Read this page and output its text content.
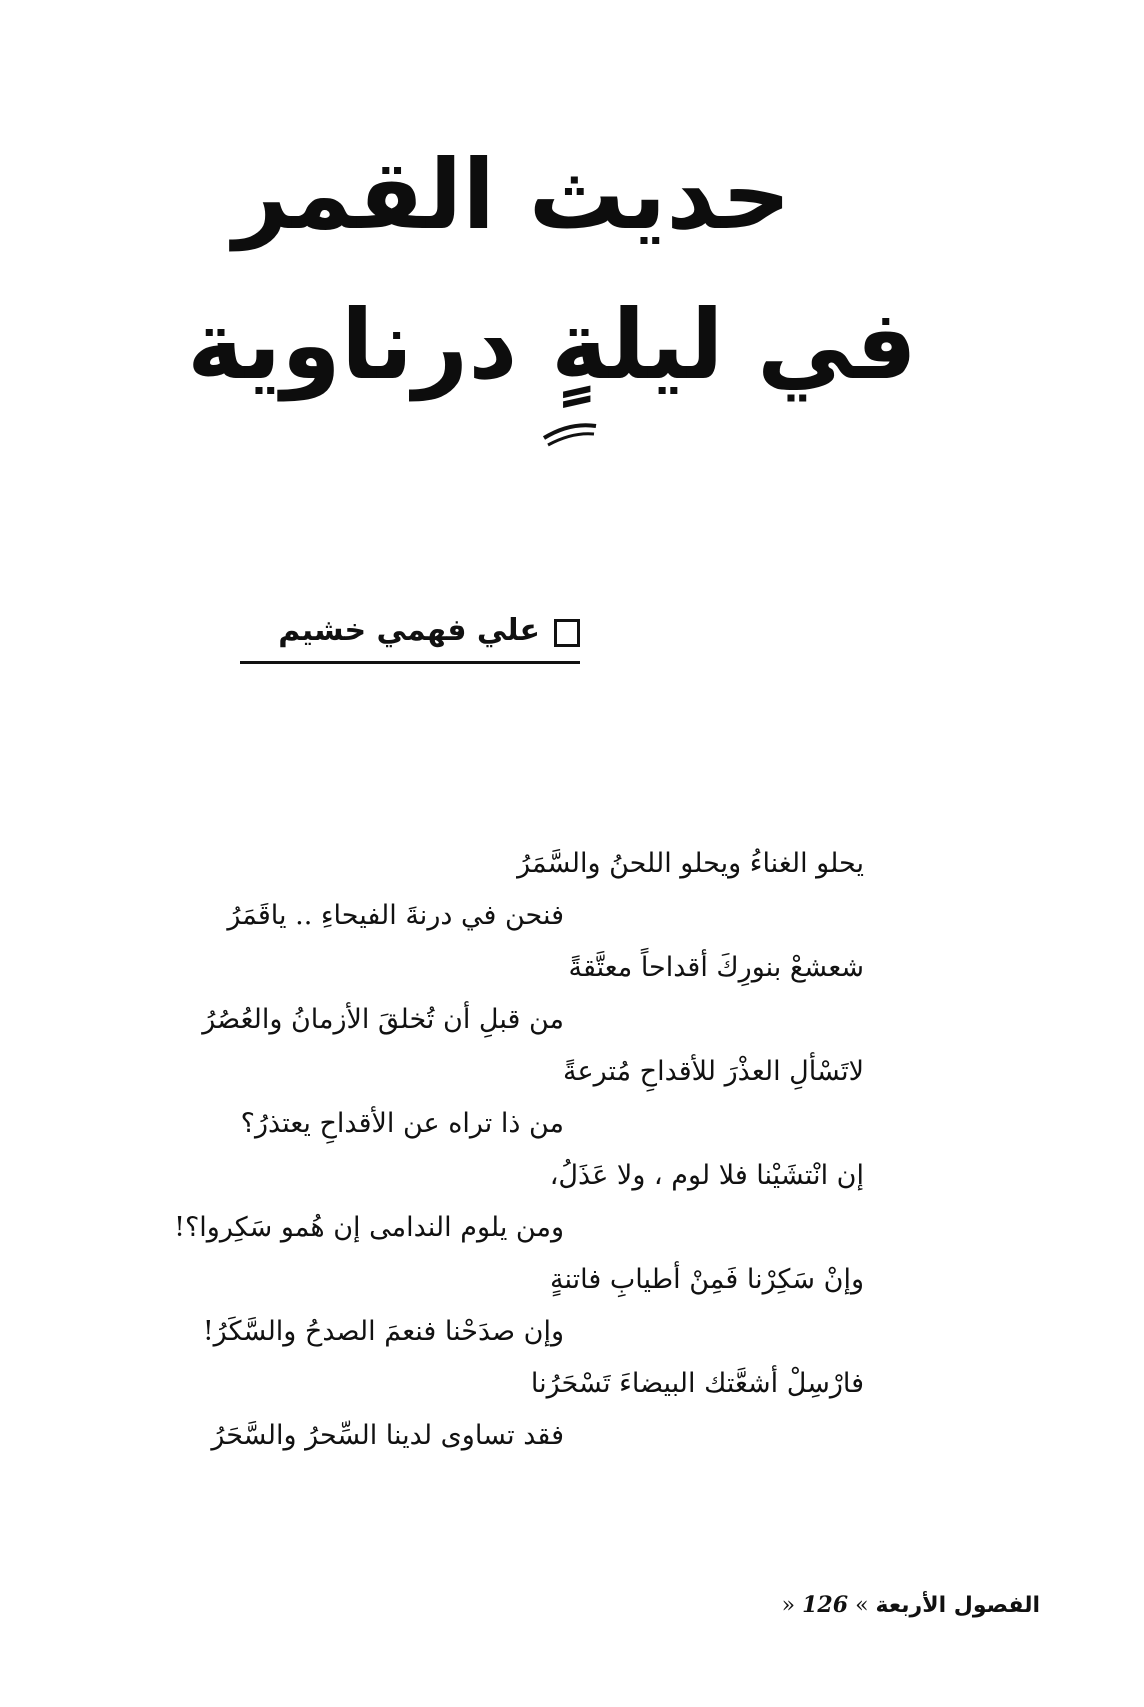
حديث القمر
في ليلةٍ درناوية
علي فهمي خشيم
يحلو الغناءُ ويحلو اللحنُ والسَّمَرُ
فنحن في درنةَ الفيحاءِ .. ياقَمَرُ
شعشعْ بنورِكَ أقداحاً معتَّقةً
من قبلِ أن تُخلقَ الأزمانُ والعُصُرُ
لاتَسْألِ العذْرَ للأقداحِ مُترعةً
من ذا تراه عن الأقداحِ يعتذرُ؟
إن انْتشَيْنا فلا لوم ، ولا عَذَلُ،
ومن يلوم الندامى إن هُمو سَكِروا؟!
وإنْ سَكِرْنا فَمِنْ أطيابِ فاتنةٍ
وإن صدَحْنا فنعمَ الصدحُ والسَّكَرُ!
فارْسِلْ أشعَّتك البيضاءَ تَسْحَرُنا
فقد تساوى لدينا السِّحرُ والسَّحَرُ
الفصول الأربعة » 126 «
